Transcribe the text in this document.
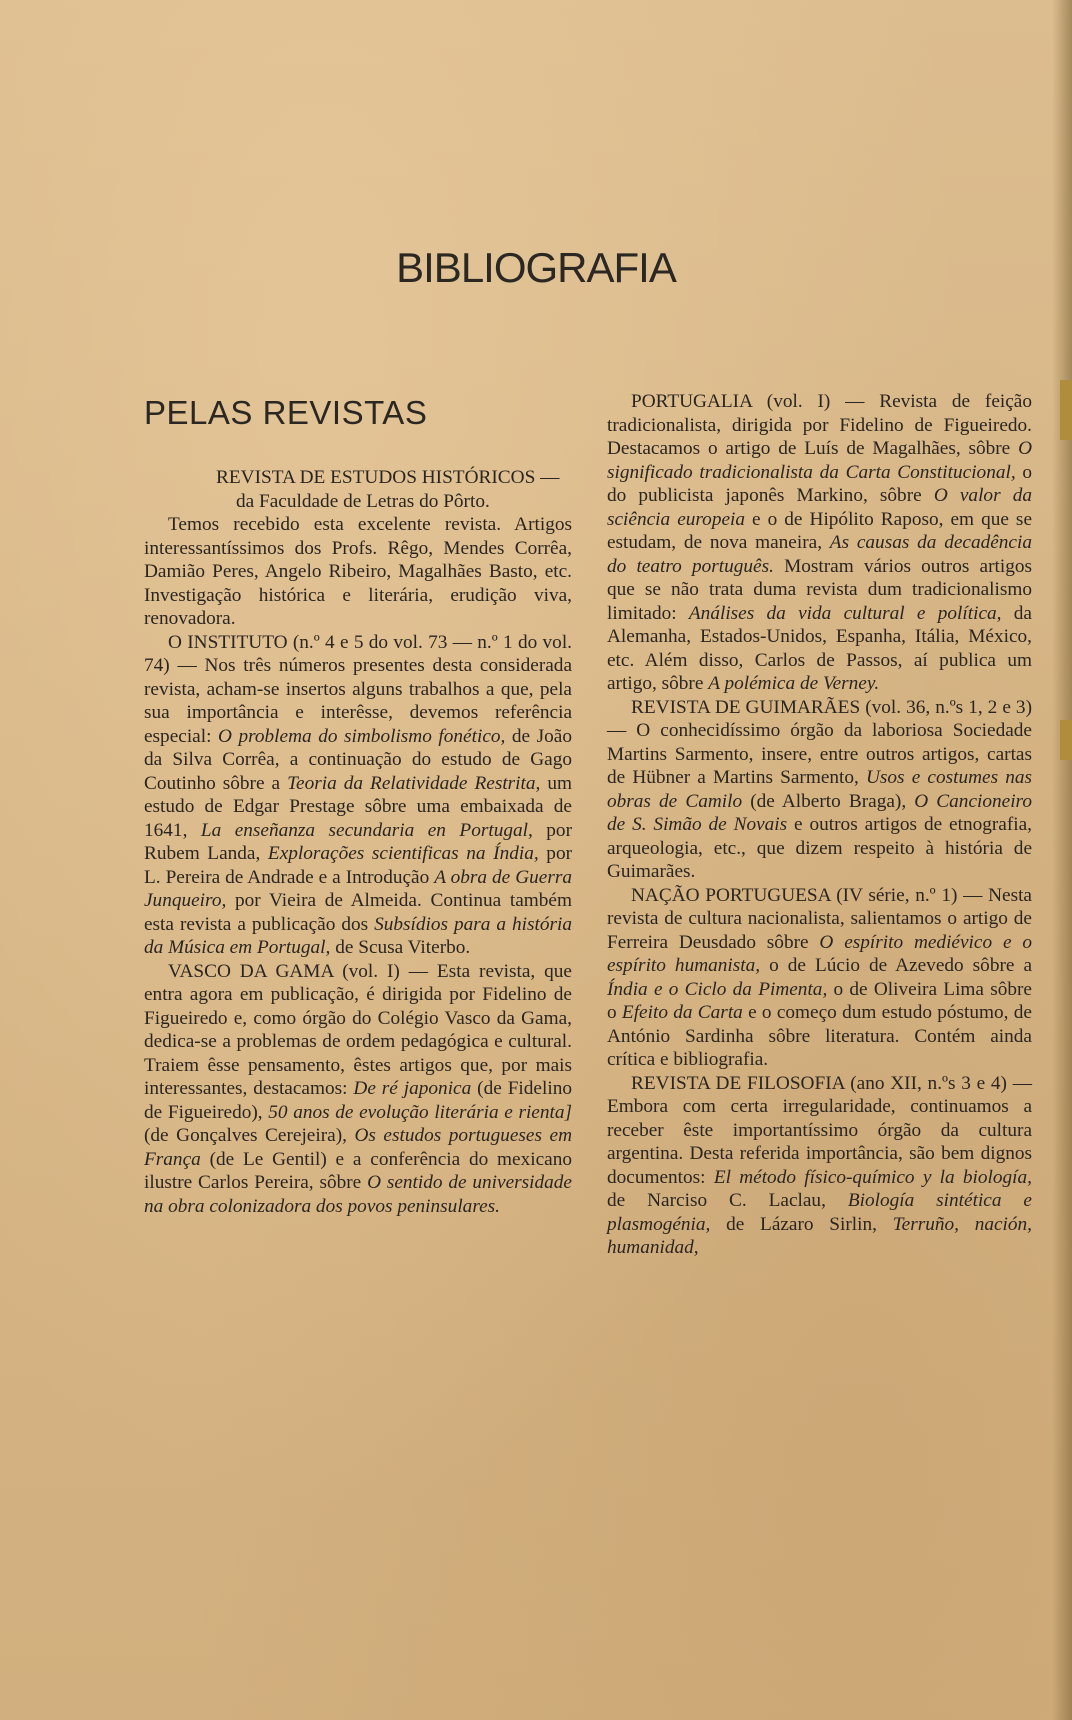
BIBLIOGRAFIA
PELAS REVISTAS

REVISTA DE ESTUDOS HISTÓRICOS — da Faculdade de Letras do Pôrto.

Temos recebido esta excelente revista. Artigos interessantíssimos dos Profs. Rêgo, Mendes Corrêa, Damião Peres, Angelo Ribeiro, Magalhães Basto, etc. Investigação histórica e literária, erudição viva, renovadora.

O INSTITUTO (n.º 4 e 5 do vol. 73 — n.º 1 do vol. 74) — Nos três números presentes desta considerada revista, acham-se insertos alguns trabalhos a que, pela sua importância e interêsse, devemos referência especial: O problema do simbolismo fonético, de João da Silva Corrêa, a continuação do estudo de Gago Coutinho sôbre a Teoria da Relatividade Restrita, um estudo de Edgar Prestage sôbre uma embaixada de 1641, La enseñanza secundaria en Portugal, por Rubem Landa, Explorações scientificas na Índia, por L. Pereira de Andrade e a Introdução A obra de Guerra Junqueiro, por Vieira de Almeida. Continua também esta revista a publicação dos Subsídios para a história da Música em Portugal, de Scusa Viterbo.

VASCO DA GAMA (vol. I) — Esta revista, que entra agora em publicação, é dirigida por Fidelino de Figueiredo e, como órgão do Colégio Vasco da Gama, dedica-se a problemas de ordem pedagógica e cultural. Traiem êsse pensamento, êstes artigos que, por mais interessantes, destacamos: De ré japonica (de Fidelino de Figueiredo), 50 anos de evolução literária e rienta] (de Gonçalves Cerejeira), Os estudos portugueses em França (de Le Gentil) e a conferência do mexicano ilustre Carlos Pereira, sôbre O sentido de universidade na obra colonizadora dos povos peninsulares.

PORTUGALIA (vol. I) — Revista de feição tradicionalista, dirigida por Fidelino de Figueiredo. Destacamos o artigo de Luís de Magalhães, sôbre O significado tradicionalista da Carta Constitucional, o do publicista japonês Markino, sôbre O valor da sciência europeia e o de Hipólito Raposo, em que se estudam, de nova maneira, As causas da decadência do teatro português. Mostram vários outros artigos que se não trata duma revista dum tradicionalismo limitado: Análises da vida cultural e política, da Alemanha, Estados-Unidos, Espanha, Itália, México, etc. Além disso, Carlos de Passos, aí publica um artigo, sôbre A polémica de Verney.

REVISTA DE GUIMARÃES (vol. 36, n.ºs 1, 2 e 3) — O conhecidíssimo órgão da laboriosa Sociedade Martins Sarmento, insere, entre outros artigos, cartas de Hübner a Martins Sarmento, Usos e costumes nas obras de Camilo (de Alberto Braga), O Cancioneiro de S. Simão de Novais e outros artigos de etnografia, arqueologia, etc., que dizem respeito à história de Guimarães.

NAÇÃO PORTUGUESA (IV série, n.º 1) — Nesta revista de cultura nacionalista, salientamos o artigo de Ferreira Deusdado sôbre O espírito mediévico e o espírito humanista, o de Lúcio de Azevedo sôbre a Índia e o Ciclo da Pimenta, o de Oliveira Lima sôbre o Efeito da Carta e o começo dum estudo póstumo, de António Sardinha sôbre literatura. Contém ainda crítica e bibliografia.

REVISTA DE FILOSOFIA (ano XII, n.ºs 3 e 4) — Embora com certa irregularidade, continuamos a receber êste importantíssimo órgão da cultura argentina. Desta referida importância, são bem dignos documentos: El método físico-químico y la biología, de Narciso C. Laclau, Biología sintética e plasmogénia, de Lázaro Sirlin, Terruño, nación, humanidad,
